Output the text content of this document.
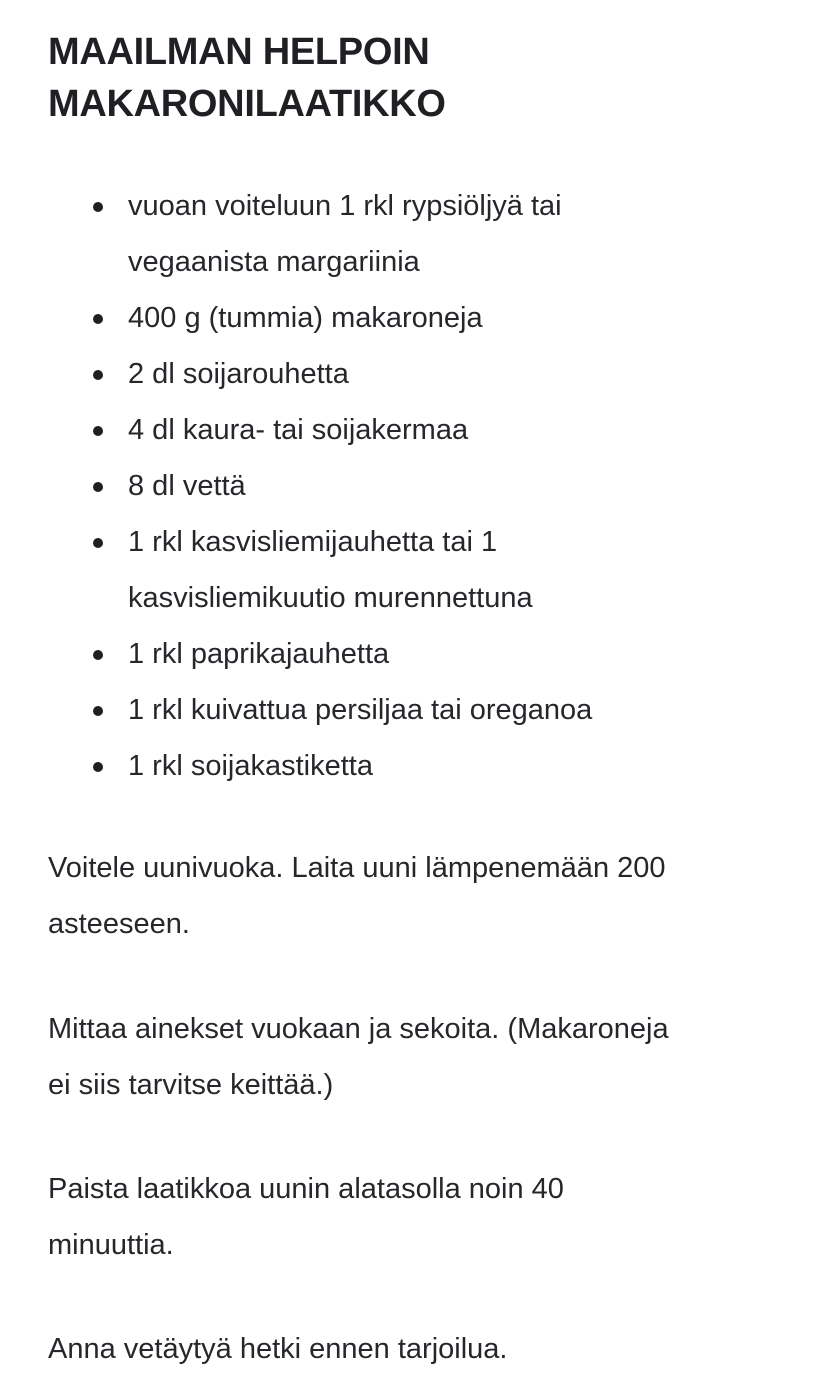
MAAILMAN HELPOIN
MAKARONILAATIKKO
vuoan voiteluun 1 rkl rypsiöljyä tai
vegaanista margariinia
400 g (tummia) makaroneja
2 dl soijarouhetta
4 dl kaura- tai soijakermaa
8 dl vettä
1 rkl kasvisliemijauhetta tai 1
kasvisliemikuutio murennettuna
1 rkl paprikajauhetta
1 rkl kuivattua persiljaa tai oreganoa
1 rkl soijakastiketta

Voitele uunivuoka. Laita uuni lämpenemään 200
asteeseen.

Mittaa ainekset vuokaan ja sekoita. (Makaroneja
ei siis tarvitse keittää.)

Paista laatikkoa uunin alatasolla noin 40
minuuttia.

Anna vetäytyä hetki ennen tarjoilua.
